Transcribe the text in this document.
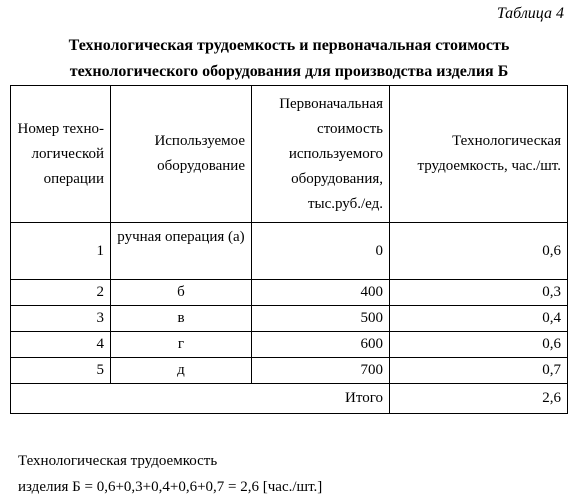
Таблица 4
Технологическая трудоемкость и первоначальная стоимость
технологического оборудования для производства изделия Б
Номер техно-логической операции	Используемое оборудование	Первоначальная стоимость используемого оборудования, тыс.руб./ед.	Технологическая трудоемкость, час./шт.
1	ручная операция (а)	0	0,6
2	б	400	0,3
3	в	500	0,4
4	г	600	0,6
5	д	700	0,7
Итого			2,6
Технологическая трудоемкость
изделия Б = 0,6+0,3+0,4+0,6+0,7 = 2,6 [час./шт.]
